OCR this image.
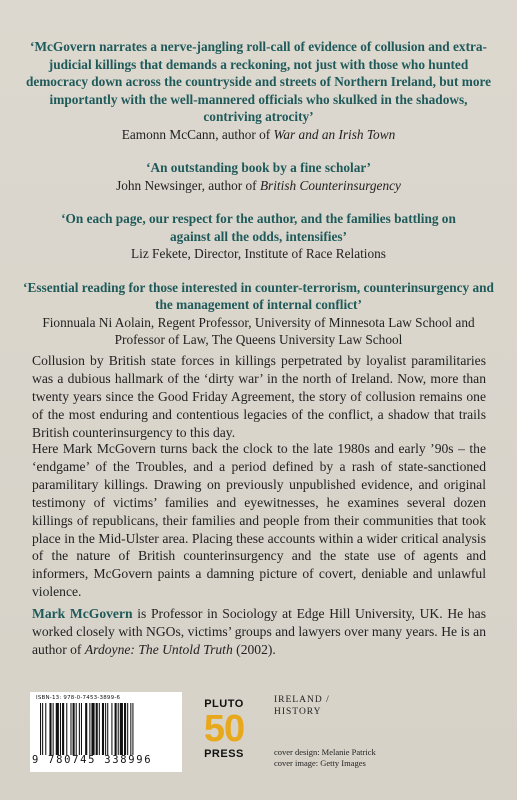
‘McGovern narrates a nerve-jangling roll-call of evidence of collusion and extra-judicial killings that demands a reckoning, not just with those who hunted democracy down across the countryside and streets of Northern Ireland, but more importantly with the well-mannered officials who skulked in the shadows, contriving atrocity’
Eamonn McCann, author of War and an Irish Town
‘An outstanding book by a fine scholar’
John Newsinger, author of British Counterinsurgency
‘On each page, our respect for the author, and the families battling on against all the odds, intensifies’
Liz Fekete, Director, Institute of Race Relations
‘Essential reading for those interested in counter-terrorism, counterinsurgency and the management of internal conflict’
Fionnuala Ni Aolain, Regent Professor, University of Minnesota Law School and Professor of Law, The Queens University Law School
Collusion by British state forces in killings perpetrated by loyalist paramilitaries was a dubious hallmark of the ‘dirty war’ in the north of Ireland. Now, more than twenty years since the Good Friday Agreement, the story of collusion remains one of the most enduring and contentious legacies of the conflict, a shadow that trails British counterinsurgency to this day.
Here Mark McGovern turns back the clock to the late 1980s and early ’90s – the ‘endgame’ of the Troubles, and a period defined by a rash of state-sanctioned paramilitary killings. Drawing on previously unpublished evidence, and original testimony of victims’ families and eyewitnesses, he examines several dozen killings of republicans, their families and people from their communities that took place in the Mid-Ulster area. Placing these accounts within a wider critical analysis of the nature of British counterinsurgency and the state use of agents and informers, McGovern paints a damning picture of covert, deniable and unlawful violence.
Mark McGovern is Professor in Sociology at Edge Hill University, UK. He has worked closely with NGOs, victims’ groups and lawyers over many years. He is an author of Ardoyne: The Untold Truth (2002).
ISBN-13: 978-0-7453-3899-6
9 780745 338996
PLUTO
50
PRESS
IRELAND /
HISTORY
cover design: Melanie Patrick
cover image: Getty Images
